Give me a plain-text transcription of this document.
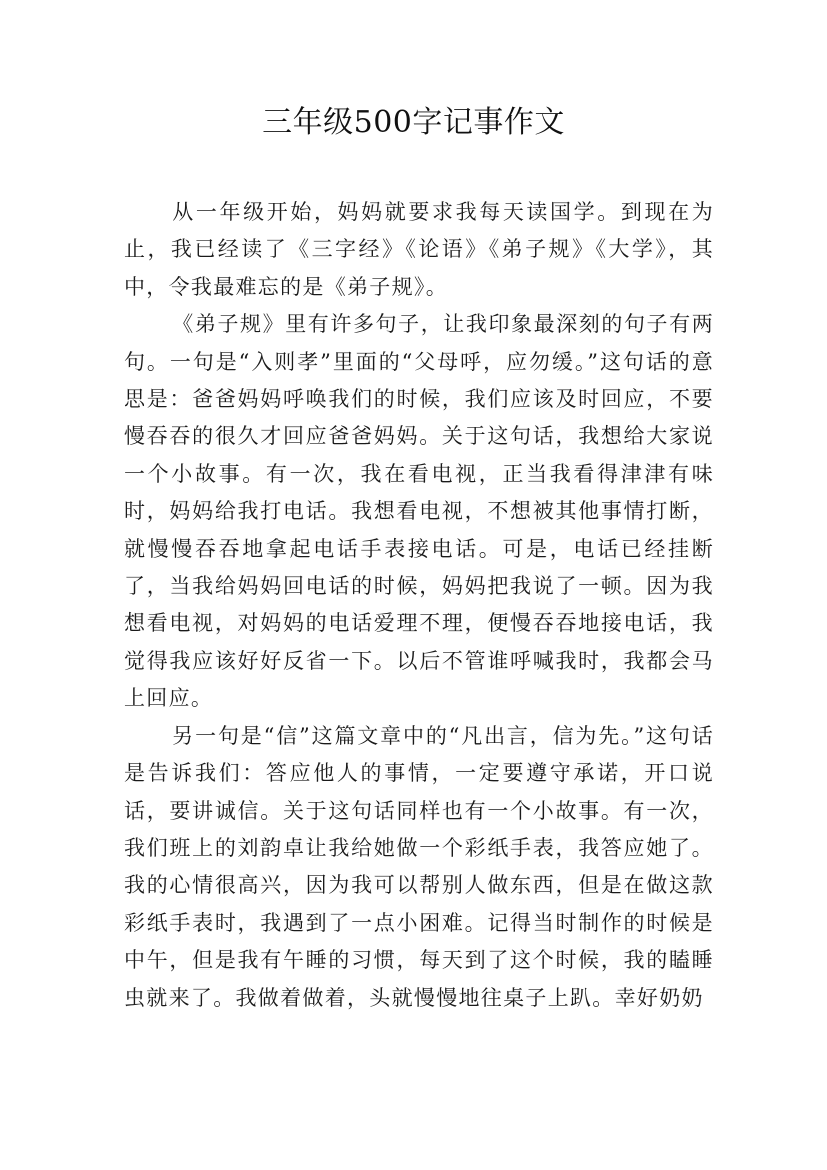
三年级500字记事作文

从一年级开始，妈妈就要求我每天读国学。到现在为止，我已经读了《三字经》《论语》《弟子规》《大学》，其中，令我最难忘的是《弟子规》。

《弟子规》里有许多句子，让我印象最深刻的句子有两句。一句是“入则孝”里面的“父母呼，应勿缓。”这句话的意思是：爸爸妈妈呼唤我们的时候，我们应该及时回应，不要慢吞吞的很久才回应爸爸妈妈。关于这句话，我想给大家说一个小故事。有一次，我在看电视，正当我看得津津有味时，妈妈给我打电话。我想看电视，不想被其他事情打断，就慢慢吞吞地拿起电话手表接电话。可是，电话已经挂断了，当我给妈妈回电话的时候，妈妈把我说了一顿。因为我想看电视，对妈妈的电话爱理不理，便慢吞吞地接电话，我觉得我应该好好反省一下。以后不管谁呼喊我时，我都会马上回应。

另一句是“信”这篇文章中的“凡出言，信为先。”这句话是告诉我们：答应他人的事情，一定要遵守承诺，开口说话，要讲诚信。关于这句话同样也有一个小故事。有一次，我们班上的刘韵卓让我给她做一个彩纸手表，我答应她了。我的心情很高兴，因为我可以帮别人做东西，但是在做这款彩纸手表时，我遇到了一点小困难。记得当时制作的时候是中午，但是我有午睡的习惯，每天到了这个时候，我的瞌睡虫就来了。我做着做着，头就慢慢地往桌子上趴。幸好奶奶
